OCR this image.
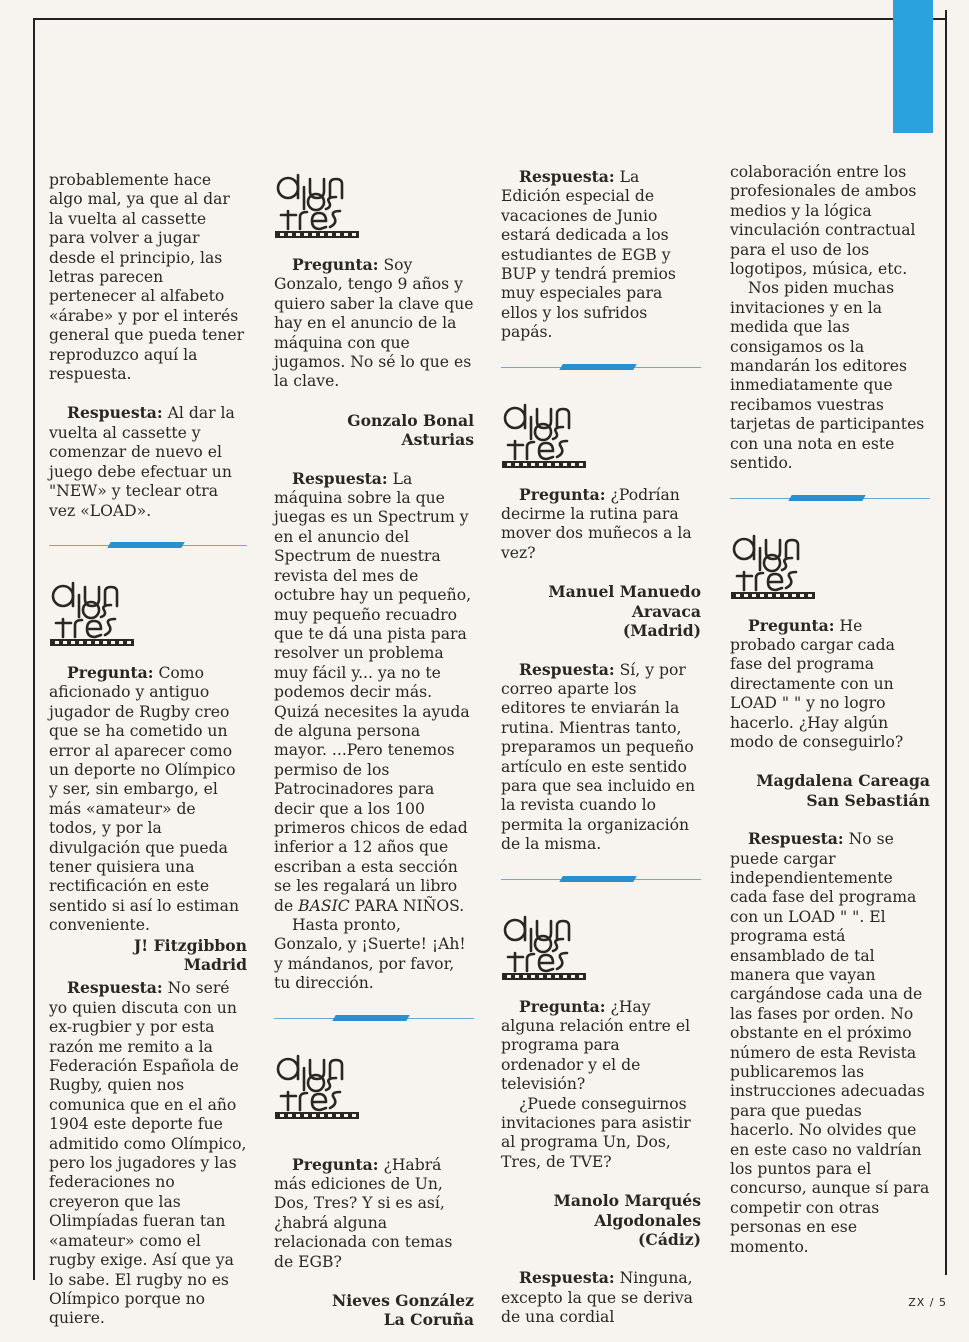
probablemente hace algo mal, ya que al dar la vuelta al cassette para volver a jugar desde el principio, las letras parecen pertenecer al alfabeto «árabe» y por el interés general que pueda tener reproduzco aquí la respuesta.

Respuesta: Al dar la vuelta al cassette y comenzar de nuevo el juego debe efectuar un "NEW» y teclear otra vez «LOAD».

Pregunta: Como aficionado y antiguo jugador de Rugby creo que se ha cometido un error al aparecer como un deporte no Olímpico y ser, sin embargo, el más «amateur» de todos, y por la divulgación que pueda tener quisiera una rectificación en este sentido si así lo estiman conveniente.

J! Fitzgibbon

Madrid

Respuesta: No seré yo quien discuta con un ex-rugbier y por esta razón me remito a la Federación Española de Rugby, quien nos comunica que en el año 1904 este deporte fue admitido como Olímpico, pero los jugadores y las federaciones no creyeron que las Olimpíadas fueran tan «amateur» como el rugby exige. Así que ya lo sabe. El rugby no es Olímpico porque no quiere.

Pregunta: Soy Gonzalo, tengo 9 años y quiero saber la clave que hay en el anuncio de la máquina con que jugamos. No sé lo que es la clave.

Gonzalo Bonal

Asturias

Respuesta: La máquina sobre la que juegas es un Spectrum y en el anuncio del Spectrum de nuestra revista del mes de octubre hay un pequeño, muy pequeño recuadro que te dá una pista para resolver un problema muy fácil y... ya no te podemos decir más. Quizá necesites la ayuda de alguna persona mayor. ...Pero tenemos permiso de los Patrocinadores para decir que a los 100 primeros chicos de edad inferior a 12 años que escriban a esta sección se les regalará un libro de BASIC PARA NIÑOS.

Hasta pronto, Gonzalo, y ¡Suerte! ¡Ah! y mándanos, por favor, tu dirección.

Pregunta: ¿Habrá más ediciones de Un, Dos, Tres? Y si es así, ¿habrá alguna relacionada con temas de EGB?

Nieves González

La Coruña

Respuesta: La Edición especial de vacaciones de Junio estará dedicada a los estudiantes de EGB y BUP y tendrá premios muy especiales para ellos y los sufridos papás.

Pregunta: ¿Podrían decirme la rutina para mover dos muñecos a la vez?

Manuel Manuedo

Aravaca

(Madrid)

Respuesta: Sí, y por correo aparte los editores te enviarán la rutina. Mientras tanto, preparamos un pequeño artículo en este sentido para que sea incluido en la revista cuando lo permita la organización de la misma.

Pregunta: ¿Hay alguna relación entre el programa para ordenador y el de televisión?

¿Puede conseguirnos invitaciones para asistir al programa Un, Dos, Tres, de TVE?

Manolo Marqués

Algodonales

(Cádiz)

Respuesta: Ninguna, excepto la que se deriva de una cordial

colaboración entre los profesionales de ambos medios y la lógica vinculación contractual para el uso de los logotipos, música, etc.

Nos piden muchas invitaciones y en la medida que las consigamos os la mandarán los editores inmediatamente que recibamos vuestras tarjetas de participantes con una nota en este sentido.

Pregunta: He probado cargar cada fase del programa directamente con un LOAD " " y no logro hacerlo. ¿Hay algún modo de conseguirlo?

Magdalena Careaga

San Sebastián

Respuesta: No se puede cargar independientemente cada fase del programa con un LOAD " ". El programa está ensamblado de tal manera que vayan cargándose cada una de las fases por orden. No obstante en el próximo número de esta Revista publicaremos las instrucciones adecuadas para que puedas hacerlo. No olvides que en este caso no valdrían los puntos para el concurso, aunque sí para competir con otras personas en ese momento.

ZX / 5
